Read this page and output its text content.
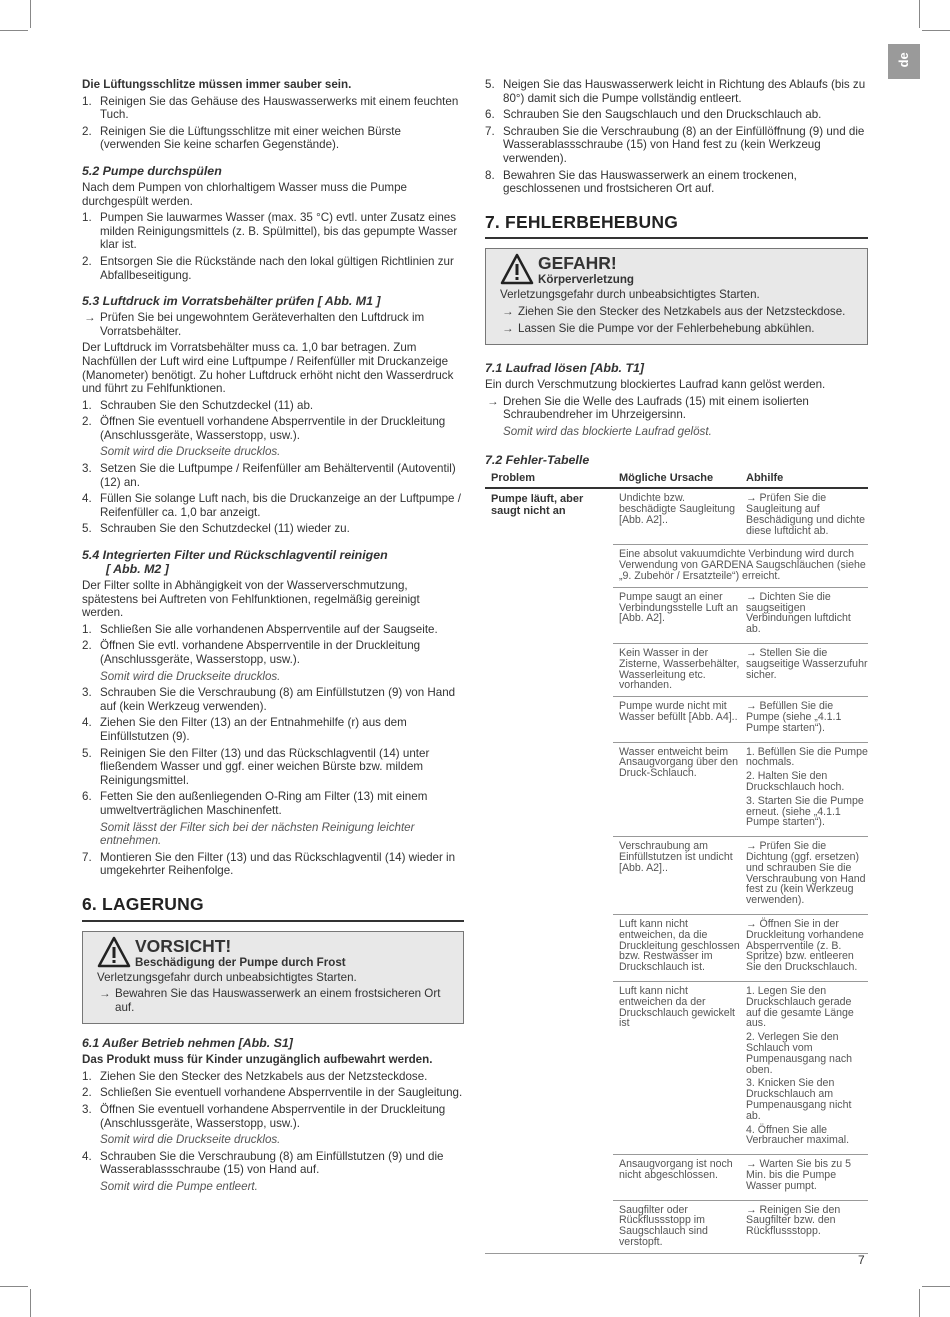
de

Die Lüftungsschlitze müssen immer sauber sein.

1. Reinigen Sie das Gehäuse des Hauswasserwerks mit einem feuchten Tuch.
2. Reinigen Sie die Lüftungsschlitze mit einer weichen Bürste (verwenden Sie keine scharfen Gegenstände).
5.2 Pumpe durchspülen

Nach dem Pumpen von chlorhaltigem Wasser muss die Pumpe durchgespült werden.

1. Pumpen Sie lauwarmes Wasser (max. 35 °C) evtl. unter Zusatz eines milden Reinigungsmittels (z. B. Spülmittel), bis das gepumpte Wasser klar ist.
2. Entsorgen Sie die Rückstände nach den lokal gültigen Richtlinien zur Abfallbeseitigung.
5.3 Luftdruck im Vorratsbehälter prüfen [ Abb. M1 ]
→ Prüfen Sie bei ungewohntem Geräteverhalten den Luftdruck im Vorratsbehälter.

Der Luftdruck im Vorratsbehälter muss ca. 1,0 bar betragen. Zum Nachfüllen der Luft wird eine Luftpumpe / Reifenfüller mit Druckanzeige (Manometer) benötigt. Zu hoher Luftdruck erhöht nicht den Wasserdruck und führt zu Fehlfunktionen.

1. Schrauben Sie den Schutzdeckel (11) ab.
2. Öffnen Sie eventuell vorhandene Absperrventile in der Druckleitung (Anschlussgeräte, Wasserstopp, usw.).
Somit wird die Druckseite drucklos.
3. Setzen Sie die Luftpumpe / Reifenfüller am Behälterventil (Autoventil) (12) an.
4. Füllen Sie solange Luft nach, bis die Druckanzeige an der Luftpumpe / Reifenfüller ca. 1,0 bar anzeigt.
5. Schrauben Sie den Schutzdeckel (11) wieder zu.
5.4 Integrierten Filter und Rückschlagventil reinigen
[ Abb. M2 ]

Der Filter sollte in Abhängigkeit von der Wasserverschmutzung, spätestens bei Auftreten von Fehlfunktionen, regelmäßig gereinigt werden.

1. Schließen Sie alle vorhandenen Absperrventile auf der Saugseite.
2. Öffnen Sie evtl. vorhandene Absperrventile in der Druckleitung (Anschlussgeräte, Wasserstopp, usw.).
Somit wird die Druckseite drucklos.
3. Schrauben Sie die Verschraubung (8) am Einfüllstutzen (9) von Hand auf (kein Werkzeug verwenden).
4. Ziehen Sie den Filter (13) an der Entnahmehilfe (r) aus dem Einfüllstutzen (9).
5. Reinigen Sie den Filter (13) und das Rückschlagventil (14) unter fließendem Wasser und ggf. einer weichen Bürste bzw. mildem Reinigungsmittel.
6. Fetten Sie den außenliegenden O-Ring am Filter (13) mit einem umweltverträglichen Maschinenfett.
Somit lässt der Filter sich bei der nächsten Reinigung leichter entnehmen.
7. Montieren Sie den Filter (13) und das Rückschlagventil (14) wieder in umgekehrter Reihenfolge.
6. LAGERUNG
VORSICHT!
Beschädigung der Pumpe durch Frost

Verletzungsgefahr durch unbeabsichtigtes Starten.

→ Bewahren Sie das Hauswasserwerk an einem frostsicheren Ort auf.
6.1 Außer Betrieb nehmen [Abb. S1]

Das Produkt muss für Kinder unzugänglich aufbewahrt werden.

1. Ziehen Sie den Stecker des Netzkabels aus der Netzsteckdose.
2. Schließen Sie eventuell vorhandene Absperrventile in der Saugleitung.
3. Öffnen Sie eventuell vorhandene Absperrventile in der Druckleitung (Anschlussgeräte, Wasserstopp, usw.).
Somit wird die Druckseite drucklos.
4. Schrauben Sie die Verschraubung (8) am Einfüllstutzen (9) und die Wasserablassschraube (15) von Hand auf.
Somit wird die Pumpe entleert.
5. Neigen Sie das Hauswasserwerk leicht in Richtung des Ablaufs (bis zu 80°) damit sich die Pumpe vollständig entleert.
6. Schrauben Sie den Saugschlauch und den Druckschlauch ab.
7. Schrauben Sie die Verschraubung (8) an der Einfüllöffnung (9) und die Wasserablassschraube (15) von Hand fest zu (kein Werkzeug verwenden).
8. Bewahren Sie das Hauswasserwerk an einem trockenen, geschlossenen und frostsicheren Ort auf.
7. FEHLERBEHEBUNG
GEFAHR!
Körperverletzung

Verletzungsgefahr durch unbeabsichtigtes Starten.

→ Ziehen Sie den Stecker des Netzkabels aus der Netzsteckdose.
→ Lassen Sie die Pumpe vor der Fehlerbehebung abkühlen.
7.1 Laufrad lösen [Abb. T1]

Ein durch Verschmutzung blockiertes Laufrad kann gelöst werden.

→ Drehen Sie die Welle des Laufrads (15) mit einem isolierten Schraubendreher im Uhrzeigersinn.

Somit wird das blockierte Laufrad gelöst.

7.2 Fehler-Tabelle
Problem	Mögliche Ursache	Abhilfe
Pumpe läuft, aber saugt nicht an	Undichte bzw. beschädigte Saugleitung [Abb. A2]..	→ Prüfen Sie die Saugleitung auf Beschädigung und dichte diese luftdicht ab.

	Eine absolut vakuumdichte Verbindung wird durch Verwendung von GARDENA Saugschläuchen (siehe „9. Zubehör / Ersatzteile“) erreicht.	
	Pumpe saugt an einer Verbindungsstelle Luft an [Abb. A2].	→ Dichten Sie die saugseitigen Verbindungen luftdicht ab.

	Kein Wasser in der Zisterne, Wasserbehälter, Wasserleitung etc. vorhanden.	→ Stellen Sie die saugseitige Wasserzufuhr sicher.

	Pumpe wurde nicht mit Wasser befüllt [Abb. A4]..	→ Befüllen Sie die Pumpe (siehe „4.1.1 Pumpe starten“).

	Wasser entweicht beim Ansaugvorgang über den Druck-Schlauch.	1. Befüllen Sie die Pumpe nochmals.
2. Halten Sie den Druckschlauch hoch.
3. Starten Sie die Pumpe erneut. (siehe „4.1.1 Pumpe starten“).

	Verschraubung am Einfüllstutzen ist undicht [Abb. A2]..	→ Prüfen Sie die Dichtung (ggf. ersetzen) und schrauben Sie die Verschraubung von Hand fest zu (kein Werkzeug verwenden).

	Luft kann nicht entweichen, da die Druckleitung geschlossen bzw. Restwasser im Druckschlauch ist.	→ Öffnen Sie in der Druckleitung vorhandene Absperrventile (z. B. Spritze) bzw. entleeren Sie den Druckschlauch.

	Luft kann nicht entweichen da der Druckschlauch gewickelt ist	1. Legen Sie den Druckschlauch gerade auf die gesamte Länge aus.
2. Verlegen Sie den Schlauch vom Pumpenausgang nach oben.
3. Knicken Sie den Druckschlauch am Pumpenausgang nicht ab.
4. Öffnen Sie alle Verbraucher maximal.

	Ansaugvorgang ist noch nicht abgeschlossen.	→ Warten Sie bis zu 5 Min. bis die Pumpe Wasser pumpt.

	Saugfilter oder Rückflussstopp im Saugschlauch sind verstopft.	→ Reinigen Sie den Saugfilter bzw. den Rückflussstopp.
7
